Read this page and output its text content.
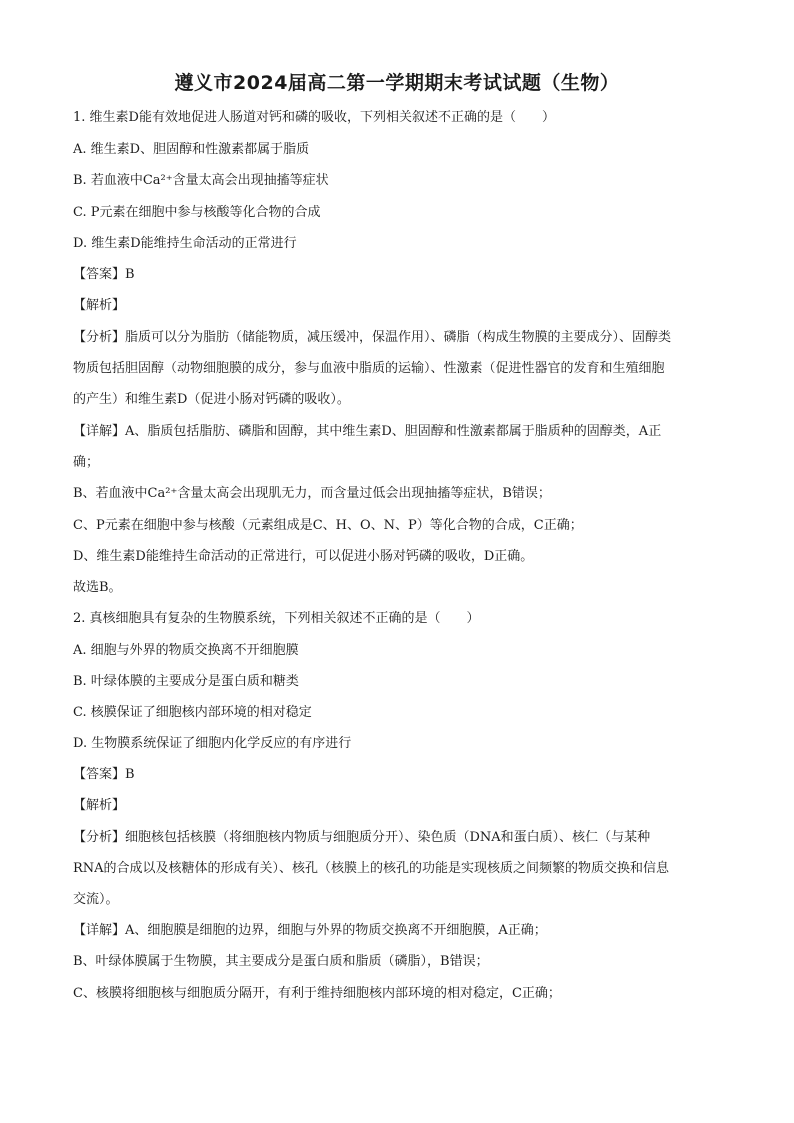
遵义市2024届高二第一学期期末考试试题（生物）
1. 维生素D能有效地促进人肠道对钙和磷的吸收，下列相关叙述不正确的是（　　）
A. 维生素D、胆固醇和性激素都属于脂质
B. 若血液中Ca²⁺含量太高会出现抽搐等症状
C. P元素在细胞中参与核酸等化合物的合成
D. 维生素D能维持生命活动的正常进行
【答案】B
【解析】
【分析】脂质可以分为脂肪（储能物质，减压缓冲，保温作用）、磷脂（构成生物膜的主要成分）、固醇类
物质包括胆固醇（动物细胞膜的成分，参与血液中脂质的运输）、性激素（促进性器官的发育和生殖细胞
的产生）和维生素D（促进小肠对钙磷的吸收）。
【详解】A、脂质包括脂肪、磷脂和固醇，其中维生素D、胆固醇和性激素都属于脂质种的固醇类，A正
确；
B、若血液中Ca²⁺含量太高会出现肌无力，而含量过低会出现抽搐等症状，B错误；
C、P元素在细胞中参与核酸（元素组成是C、H、O、N、P）等化合物的合成，C正确；
D、维生素D能维持生命活动的正常进行，可以促进小肠对钙磷的吸收，D正确。
故选B。
2. 真核细胞具有复杂的生物膜系统，下列相关叙述不正确的是（　　）
A. 细胞与外界的物质交换离不开细胞膜
B. 叶绿体膜的主要成分是蛋白质和糖类
C. 核膜保证了细胞核内部环境的相对稳定
D. 生物膜系统保证了细胞内化学反应的有序进行
【答案】B
【解析】
【分析】细胞核包括核膜（将细胞核内物质与细胞质分开）、染色质（DNA和蛋白质）、核仁（与某种
RNA的合成以及核糖体的形成有关）、核孔（核膜上的核孔的功能是实现核质之间频繁的物质交换和信息
交流）。
【详解】A、细胞膜是细胞的边界，细胞与外界的物质交换离不开细胞膜，A正确；
B、叶绿体膜属于生物膜，其主要成分是蛋白质和脂质（磷脂），B错误；
C、核膜将细胞核与细胞质分隔开，有利于维持细胞核内部环境的相对稳定，C正确；
